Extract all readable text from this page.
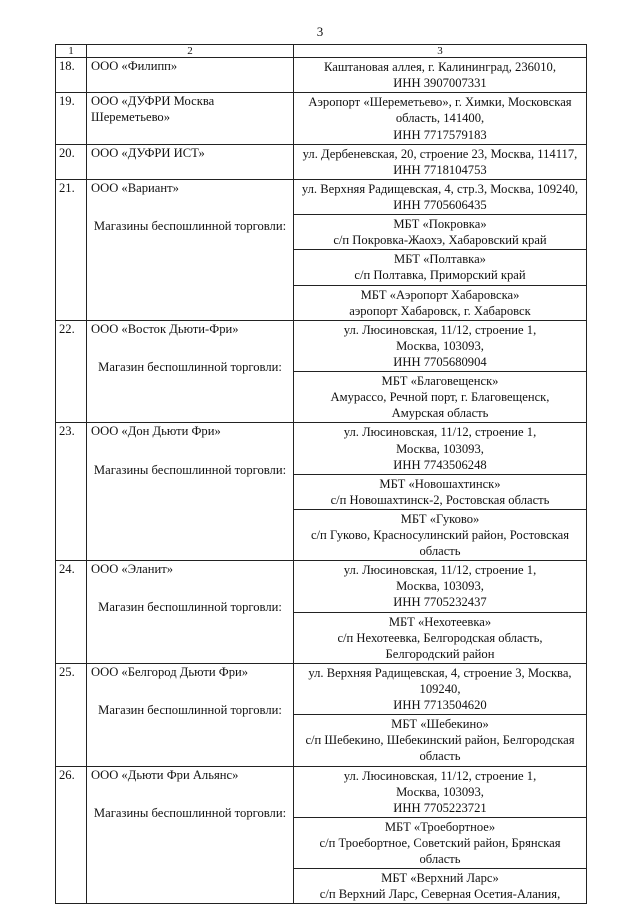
3
1	2	3
18.	ООО «Филипп»	Каштановая аллея, г. Калининград, 236010,
ИНН 3907007331

19.	ООО «ДУФРИ Москва Шереметьево»	Аэропорт «Шереметьево», г. Химки, Московская
область, 141400,
ИНН 7717579183

20.	ООО «ДУФРИ ИСТ»	ул. Дербеневская, 20, строение 23, Москва, 114117,
ИНН 7718104753

21.	ООО «Вариант»
Магазины беспошлинной торговли:	ул. Верхняя Радищевская, 4, стр.3, Москва, 109240,
ИНН 7705606435

		МБТ «Покровка»
с/п Покровка-Жаохэ, Хабаровский край

		МБТ «Полтавка»
с/п Полтавка, Приморский край

		МБТ «Аэропорт Хабаровска»
аэропорт Хабаровск, г. Хабаровск

22.	ООО «Восток Дьюти-Фри»
Магазин беспошлинной торговли:	ул. Люсиновская, 11/12, строение 1,
Москва, 103093,
ИНН 7705680904

		МБТ «Благовещенск»
Амурассо, Речной порт, г. Благовещенск,
Амурская область

23.	ООО «Дон Дьюти Фри»
Магазины беспошлинной торговли:	ул. Люсиновская, 11/12, строение 1,
Москва, 103093,
ИНН 7743506248

		МБТ «Новошахтинск»
с/п Новошахтинск-2, Ростовская область

		МБТ «Гуково»
с/п Гуково, Красносулинский район, Ростовская
область

24.	ООО «Эланит»
Магазин беспошлинной торговли:	ул. Люсиновская, 11/12, строение 1,
Москва, 103093,
ИНН 7705232437

		МБТ «Нехотеевка»
с/п Нехотеевка, Белгородская область,
Белгородский район

25.	ООО «Белгород Дьюти Фри»
Магазин беспошлинной торговли:	ул. Верхняя Радищевская, 4, строение 3, Москва,
109240,
ИНН 7713504620

		МБТ «Шебекино»
с/п Шебекино, Шебекинский район, Белгородская
область

26.	ООО «Дьюти Фри Альянс»
Магазины беспошлинной торговли:	ул. Люсиновская, 11/12, строение 1,
Москва, 103093,
ИНН 7705223721

		МБТ «Троебортное»
с/п Троебортное, Советский район, Брянская
область

		МБТ «Верхний Ларс»
с/п Верхний Ларс, Северная Осетия-Алания,
